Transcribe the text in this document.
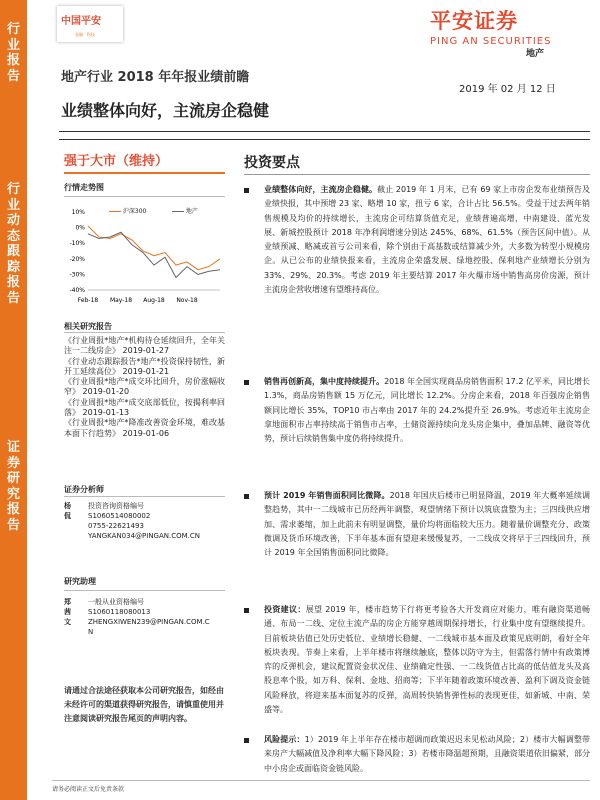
行业报告
行业动态跟踪报告
证券研究报告
中国平安
金融 · 科技
平安证券
PING AN SECURITIES
地产
地产行业 2018 年年报业绩前瞻
2019 年 02 月 12 日
业绩整体向好，主流房企稳健
强于大市（维持）	投资要点
行情走势图
10%
0%
-10%
-20%
-30%
-40%
Feb-18 May-18 Aug-18 Nov-18
沪深300	地产
相关研究报告
《行业周报*地产*机构待仓延续回升，全年关注一二线房企》 2019-01-27
《行业动态跟踪报告*地产*投资保持韧性，新开工延续高位》 2019-01-21
《行业周报*地产*成交环比回升，房价涨幅收窄》 2019-01-20
《行业周报*地产*成交底部低位，按揭利率回落》 2019-01-13
《行业周报*地产*降准改善资金环境，难改基本面下行趋势》 2019-01-06
证券分析师
杨侃
投资咨询资格编号
S1060514080002
0755-22621493
YANGKAN034@PINGAN.COM.CN
研究助理
郑茜文
一般从业资格编号
S1060118080013
ZHENGXIWEN239@PINGAN.COM.C
N
请通过合法途径获取本公司研究报告，如经由未经许可的渠道获得研究报告，请慎重使用并注意阅读研究报告尾页的声明内容。
业绩整体向好，主流房企稳健。截止 2019 年 1 月末，已有 69 家上市房企发布业绩预告及业绩快报，其中预增 23 家、略增 10 家，扭亏 6 家，合计占比 56.5%。受益于过去两年销售规模及均价的持续增长，主流房企可结算货值充足，业绩普遍高增，中南建设、蓝光发展、新城控股预计 2018 年净利润增速分别达 245%、68%、61.5%（预告区间中值）。从业绩预减、略减或首亏公司来看，除个别由于高基数或结算减少外，大多数为转型小规模房企。从已公布的业绩快报来看，主流房企荣盛发展、绿地控股、保利地产业绩增长分别为 33%、29%、20.3%。考虑 2019 年主要结算 2017 年火爆市场中销售高房价房源，预计主流房企营收增速有望维持高位。
销售再创新高，集中度持续提升。2018 年全国实现商品房销售面积 17.2 亿平米，同比增长 1.3%，商品房销售额 15 万亿元，同比增长 12.2%。分房企来看，2018 年百强房企销售额同比增长 35%，TOP10 市占率由 2017 年的 24.2%提升至 26.9%。考虑近年主流房企拿地面积市占率持续高于销售市占率，土储资源持续向龙头房企集中，叠加品牌、融资等优势，预计后续销售集中度仍将持续提升。
预计 2019 年销售面积同比微降。2018 年国庆后楼市已明显降温，2019 年大概率延续调整趋势，其中一二线城市已历经两年调整，观望情绪下预计以筑底盘整为主；三四线供应增加、需求萎缩，加上此前未有明显调整，量价均将面临较大压力。随着量价调整充分、政策微调及货币环境改善，下半年基本面有望迎来缓慢复苏，一二线成交将早于三四线回升，预计 2019 年全国销售面积同比微降。
投资建议：展望 2019 年，楼市趋势下行将更考验各大开发商应对能力，唯有融资渠道畅通、布局一二线、定位主流产品的房企方能穿越周期保持增长，行业集中度有望继续提升。目前板块估值已处历史低位、业绩增长稳健、一二线城市基本面及政策见底明朗，看好全年板块表现。节奏上来看，上半年楼市将继续触底，整体以防守为主，但需落行情中有政策博弈的反弹机会，建议配置资金状况佳、业绩确定性强、一二线货值占比高的低估值龙头及高股息率个股，如万科、保利、金地、招商等；下半年随着政策环境改善、盈利下调及资金链风险释放，将迎来基本面复苏的反弹，高周转快销售弹性标的表现更佳，如新城、中南、荣盛等。
风险提示：1）2019 年上半年存在楼市超调而政策迟迟未见松动风险；2）楼市大幅调整带来房产大幅减值及净利率大幅下降风险；3）若楼市降温超预期，且融资渠道依旧偏紧，部分中小房企或面临资金链风险。
请务必阅读正文后免责条款
